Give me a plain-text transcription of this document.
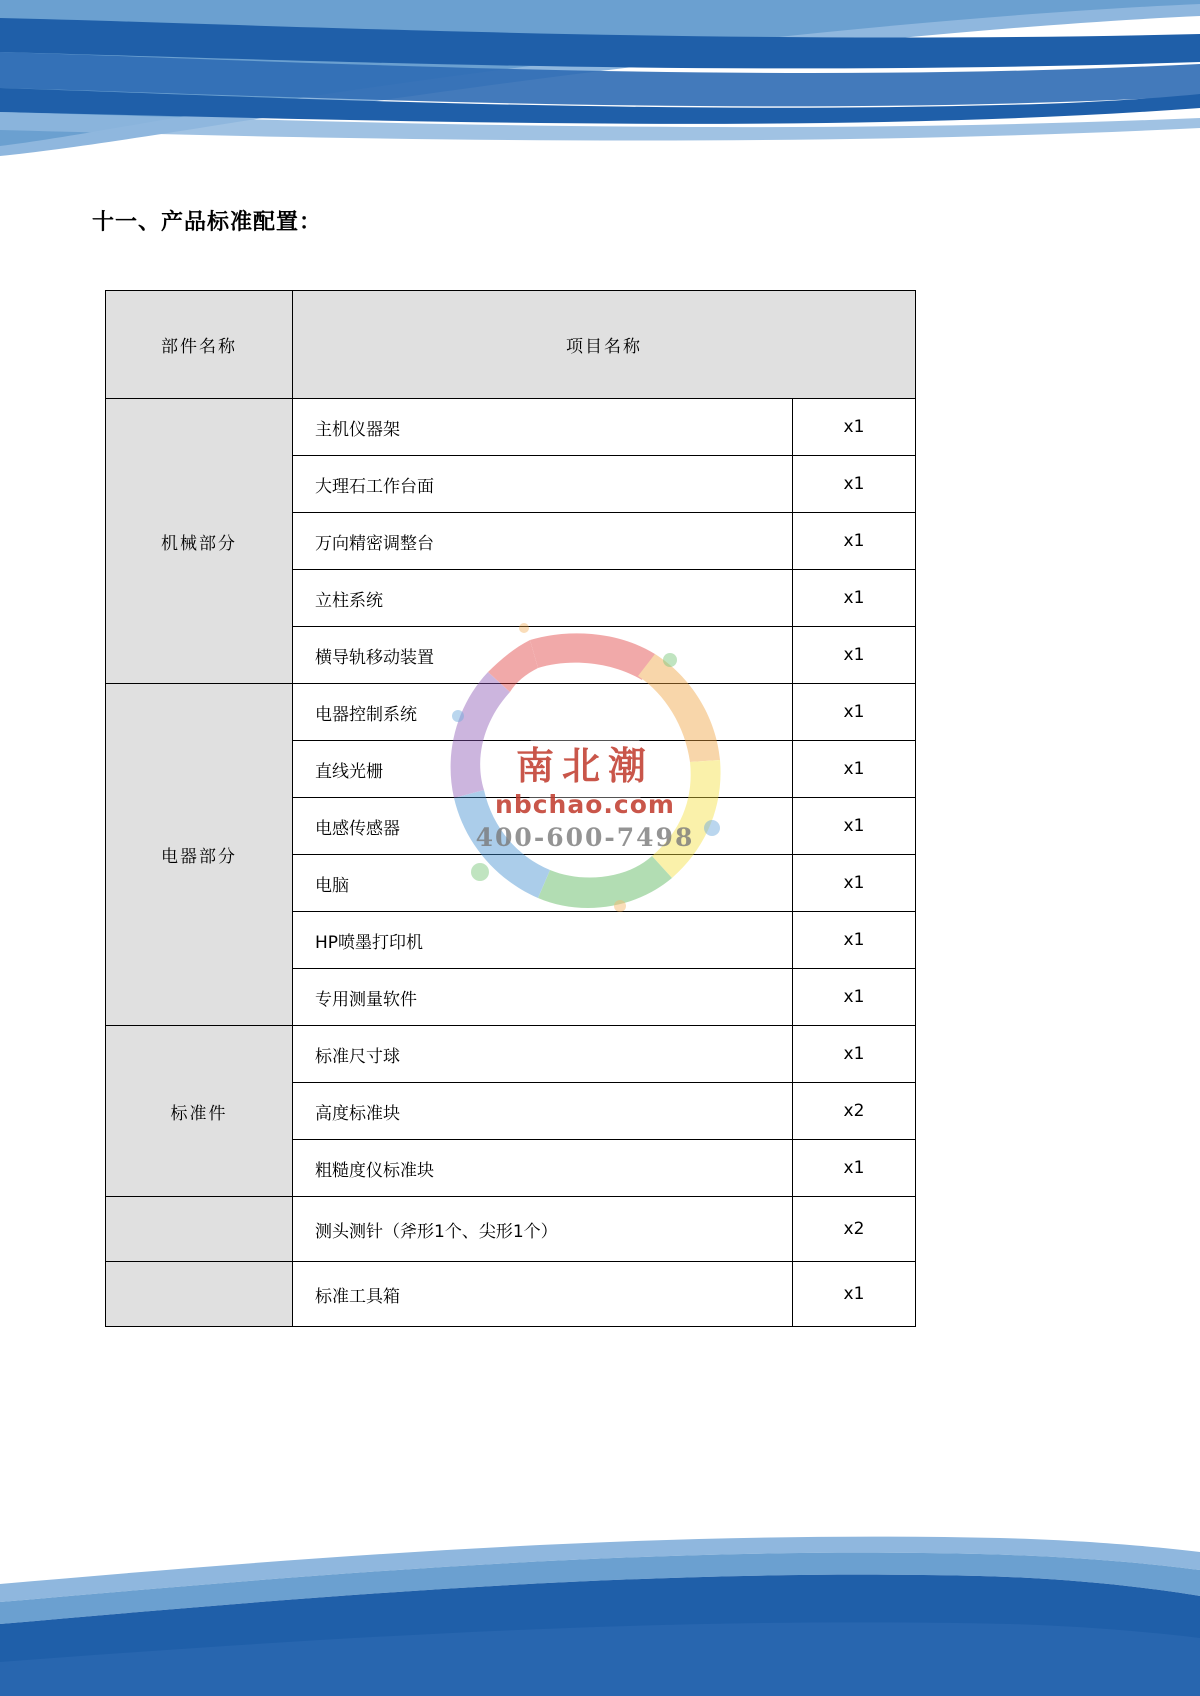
十一、产品标准配置：
部件名称	项目名称	
机械部分	主机仪器架	x1
	大理石工作台面	x1
	万向精密调整台	x1
	立柱系统	x1
	横导轨移动装置	x1
电器部分	电器控制系统	x1
	直线光栅	x1
	电感传感器	x1
	电脑	x1
	HP喷墨打印机	x1
	专用测量软件	x1
标准件	标准尺寸球	x1
	高度标准块	x2
	粗糙度仪标准块	x1
	测头测针（斧形1个、尖形1个）	x2
	标准工具箱	x1
南北潮
nbchao.com
400-600-7498
